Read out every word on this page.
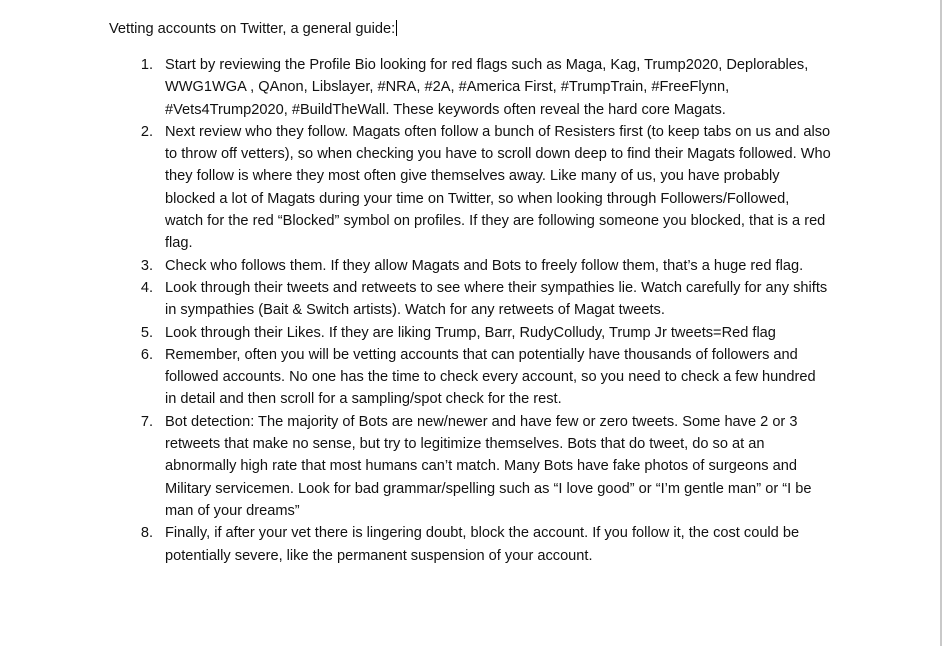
Vetting accounts on Twitter, a general guide:
1. Start by reviewing the Profile Bio looking for red flags such as Maga, Kag, Trump2020, Deplorables, WWG1WGA , QAnon, Libslayer, #NRA, #2A, #America First, #TrumpTrain, #FreeFlynn, #Vets4Trump2020, #BuildTheWall. These keywords often reveal the hard core Magats.
2. Next review who they follow. Magats often follow a bunch of Resisters first (to keep tabs on us and also to throw off vetters), so when checking you have to scroll down deep to find their Magats followed. Who they follow is where they most often give themselves away. Like many of us, you have probably blocked a lot of Magats during your time on Twitter, so when looking through Followers/Followed, watch for the red “Blocked” symbol on profiles. If they are following someone you blocked, that is a red flag.
3. Check who follows them. If they allow Magats and Bots to freely follow them, that’s a huge red flag.
4. Look through their tweets and retweets to see where their sympathies lie. Watch carefully for any shifts in sympathies (Bait & Switch artists). Watch for any retweets of Magat tweets.
5. Look through their Likes. If they are liking Trump, Barr, RudyColludy, Trump Jr tweets=Red flag
6. Remember, often you will be vetting accounts that can potentially have thousands of followers and followed accounts. No one has the time to check every account, so you need to check a few hundred in detail and then scroll for a sampling/spot check for the rest.
7. Bot detection: The majority of Bots are new/newer and have few or zero tweets. Some have 2 or 3 retweets that make no sense, but try to legitimize themselves. Bots that do tweet, do so at an abnormally high rate that most humans can’t match. Many Bots have fake photos of surgeons and Military servicemen. Look for bad grammar/spelling such as “I love good” or “I’m gentle man” or “I be man of your dreams”
8. Finally, if after your vet there is lingering doubt, block the account. If you follow it, the cost could be potentially severe, like the permanent suspension of your account.
